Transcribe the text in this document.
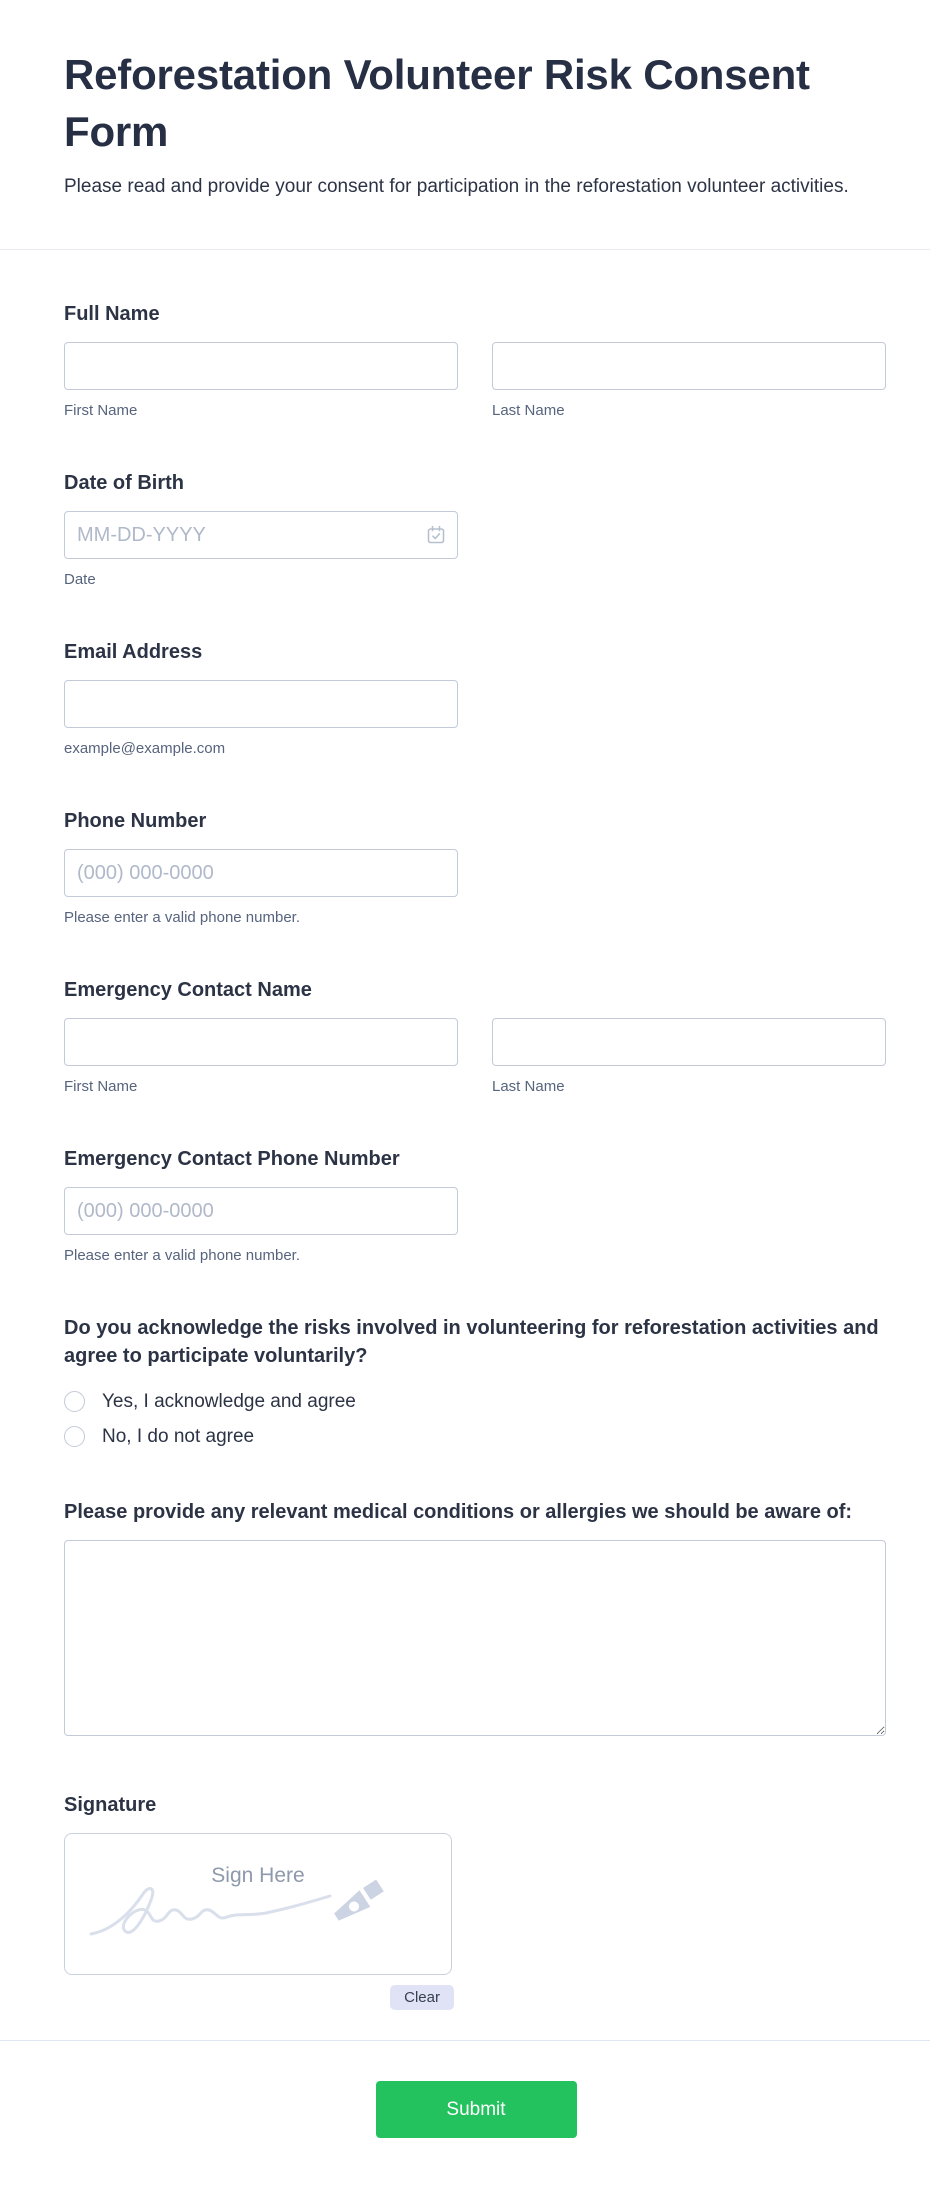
Reforestation Volunteer Risk Consent Form

Please read and provide your consent for participation in the reforestation volunteer activities.

Full Name
First Name	Last Name
Date of Birth
MM-DD-YYYY
Date
Email Address
example@example.com
Phone Number
(000) 000-0000
Please enter a valid phone number.
Emergency Contact Name
First Name	Last Name
Emergency Contact Phone Number
(000) 000-0000
Please enter a valid phone number.
Do you acknowledge the risks involved in volunteering for reforestation activities and agree to participate voluntarily?
Yes, I acknowledge and agree
No, I do not agree
Please provide any relevant medical conditions or allergies we should be aware of:
Signature
Sign Here
Clear
Submit
